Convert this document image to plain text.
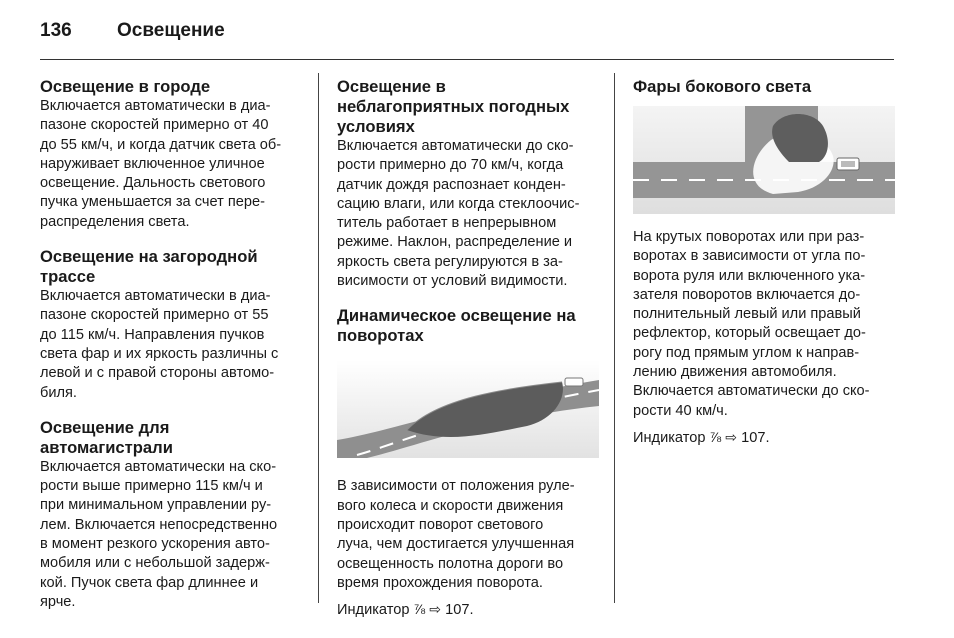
136 Освещение
Освещение в городе

Включается автоматически в диа-
пазоне скоростей примерно от 40
до 55 км/ч, и когда датчик света об-
наруживает включенное уличное
освещение. Дальность светового
пучка уменьшается за счет пере-
распределения света.

Освещение на загородной
трассе

Включается автоматически в диа-
пазоне скоростей примерно от 55
до 115 км/ч. Направления пучков
света фар и их яркость различны с
левой и с правой стороны автомо-
биля.

Освещение для
автомагистрали

Включается автоматически на ско-
рости выше примерно 115 км/ч и
при минимальном управлении ру-
лем. Включается непосредственно
в момент резкого ускорения авто-
мобиля или с небольшой задерж-
кой. Пучок света фар длиннее и
ярче.

Освещение в
неблагоприятных погодных
условиях

Включается автоматически до ско-
рости примерно до 70 км/ч, когда
датчик дождя распознает конден-
сацию влаги, или когда стеклоочис-
титель работает в непрерывном
режиме. Наклон, распределение и
яркость света регулируются в за-
висимости от условий видимости.

Динамическое освещение на
поворотах

В зависимости от положения руле-
вого колеса и скорости движения
происходит поворот светового
луча, чем достигается улучшенная
освещенность полотна дороги во
время прохождения поворота.

Индикатор ⅞ ⇨ 107.

Фары бокового света

На крутых поворотах или при раз-
воротах в зависимости от угла по-
ворота руля или включенного ука-
зателя поворотов включается до-
полнительный левый или правый
рефлектор, который освещает до-
рогу под прямым углом к направ-
лению движения автомобиля.
Включается автоматически до ско-
рости 40 км/ч.

Индикатор ⅞ ⇨ 107.
